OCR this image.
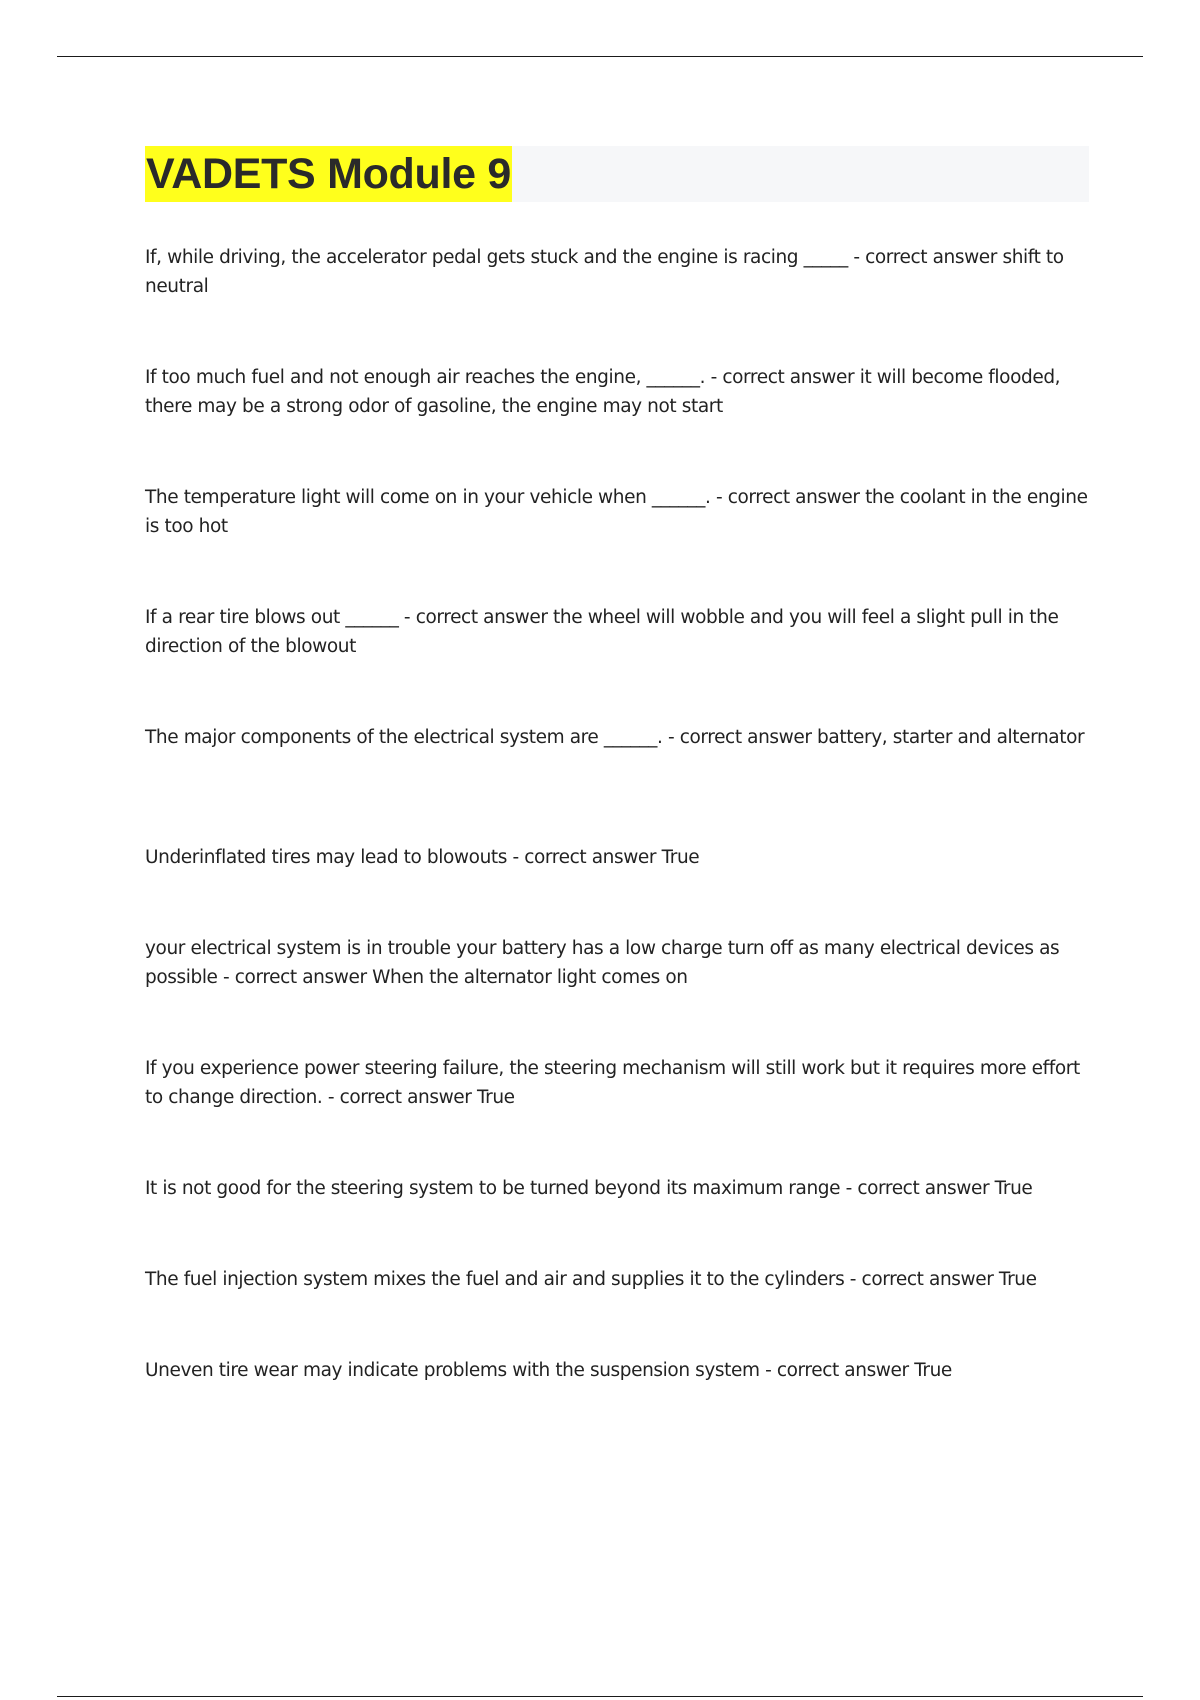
VADETS Module 9
If, while driving, the accelerator pedal gets stuck and the engine is racing _____ - correct answer shift to neutral
If too much fuel and not enough air reaches the engine, ______. - correct answer it will become flooded, there may be a strong odor of gasoline, the engine may not start
The temperature light will come on in your vehicle when ______. - correct answer the coolant in the engine is too hot
If a rear tire blows out ______ - correct answer the wheel will wobble and you will feel a slight pull in the direction of the blowout
The major components of the electrical system are ______. - correct answer battery, starter and alternator
Underinflated tires may lead to blowouts - correct answer True
your electrical system is in trouble your battery has a low charge turn off as many electrical devices as possible - correct answer When the alternator light comes on
If you experience power steering failure, the steering mechanism will still work but it requires more effort to change direction. - correct answer True
It is not good for the steering system to be turned beyond its maximum range - correct answer True
The fuel injection system mixes the fuel and air and supplies it to the cylinders - correct answer True
Uneven tire wear may indicate problems with the suspension system - correct answer True
